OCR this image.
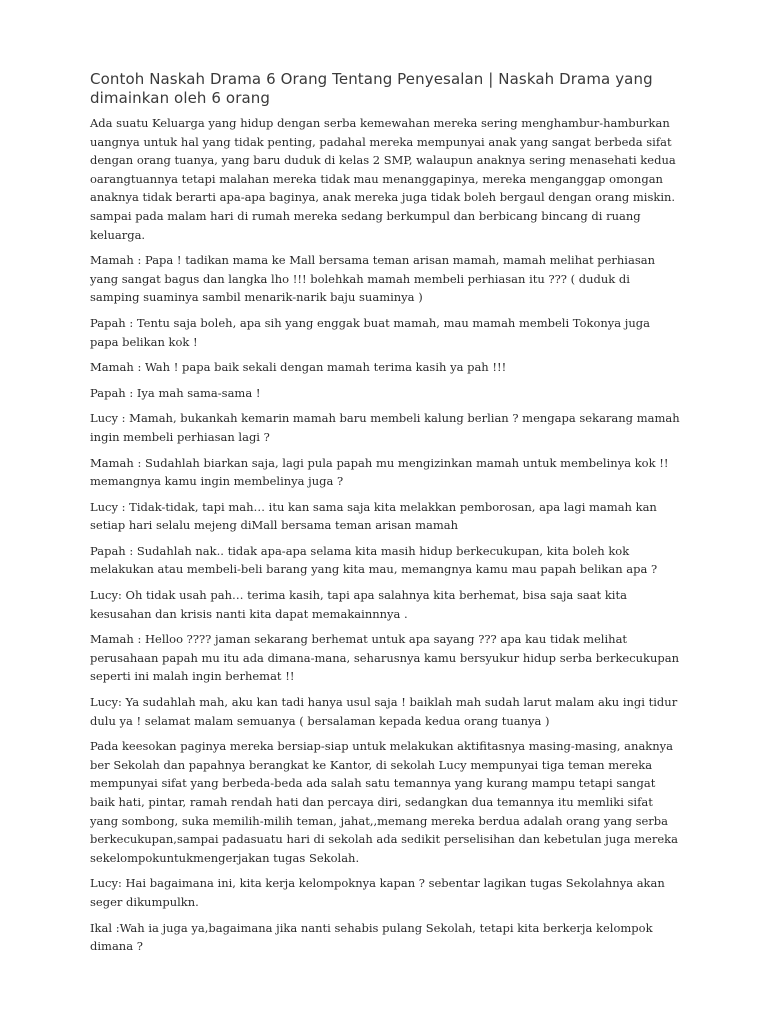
Contoh Naskah Drama 6 Orang Tentang Penyesalan | Naskah Drama yang dimainkan oleh 6 orang

Ada suatu Keluarga yang hidup dengan serba kemewahan mereka sering menghambur-hamburkan uangnya untuk hal yang tidak penting, padahal mereka mempunyai anak yang sangat berbeda sifat dengan orang tuanya, yang baru duduk di kelas 2 SMP, walaupun anaknya sering menasehati kedua oarangtuannya tetapi malahan mereka tidak mau menanggapinya, mereka menganggap omongan anaknya tidak berarti apa-apa baginya, anak mereka juga tidak boleh bergaul dengan orang miskin. sampai pada malam hari di rumah mereka sedang berkumpul dan berbicang bincang di ruang keluarga.

Mamah : Papa ! tadikan mama ke Mall bersama teman arisan mamah, mamah melihat perhiasan yang sangat bagus dan langka lho !!! bolehkah mamah membeli perhiasan itu ??? ( duduk di samping suaminya sambil menarik-narik baju suaminya )

Papah : Tentu saja boleh, apa sih yang enggak buat mamah, mau mamah membeli Tokonya juga papa belikan kok !

Mamah : Wah ! papa baik sekali dengan mamah terima kasih ya pah !!!

Papah : Iya mah sama-sama !

Lucy : Mamah, bukankah kemarin mamah baru membeli kalung berlian ? mengapa sekarang mamah ingin membeli perhiasan lagi ?

Mamah : Sudahlah biarkan saja, lagi pula papah mu mengizinkan mamah untuk membelinya kok !! memangnya kamu ingin membelinya juga ?

Lucy : Tidak-tidak, tapi mah… itu kan sama saja kita melakkan pemborosan, apa lagi mamah kan setiap hari selalu mejeng diMall bersama teman arisan mamah

Papah : Sudahlah nak.. tidak apa-apa selama kita masih hidup berkecukupan, kita boleh kok melakukan atau membeli-beli barang yang kita mau, memangnya kamu mau papah belikan apa ?

Lucy: Oh tidak usah pah… terima kasih, tapi apa salahnya kita berhemat, bisa saja saat kita kesusahan dan krisis nanti kita dapat memakainnnya .

Mamah : Helloo ???? jaman sekarang berhemat untuk apa sayang ??? apa kau tidak melihat perusahaan papah mu itu ada dimana-mana, seharusnya kamu bersyukur hidup serba berkecukupan seperti ini malah ingin berhemat !!

Lucy: Ya sudahlah mah, aku kan tadi hanya usul saja ! baiklah mah sudah larut malam aku ingi tidur dulu ya ! selamat malam semuanya ( bersalaman kepada kedua orang tuanya )

Pada keesokan paginya mereka bersiap-siap untuk melakukan aktifitasnya masing-masing, anaknya ber Sekolah dan papahnya berangkat ke Kantor, di sekolah Lucy mempunyai tiga teman mereka mempunyai sifat yang berbeda-beda ada salah satu temannya yang kurang mampu tetapi sangat baik hati, pintar, ramah rendah hati dan percaya diri, sedangkan dua temannya itu memliki sifat yang sombong, suka memilih-milih teman, jahat,,memang mereka berdua adalah orang yang serba berkecukupan,sampai padasuatu hari di sekolah ada sedikit perselisihan dan kebetulan juga mereka sekelompokuntukmengerjakan tugas Sekolah.

Lucy: Hai bagaimana ini, kita kerja kelompoknya kapan ? sebentar lagikan tugas Sekolahnya akan seger dikumpulkn.

Ikal :Wah ia juga ya,bagaimana jika nanti sehabis pulang Sekolah, tetapi kita berkerja kelompok dimana ?
